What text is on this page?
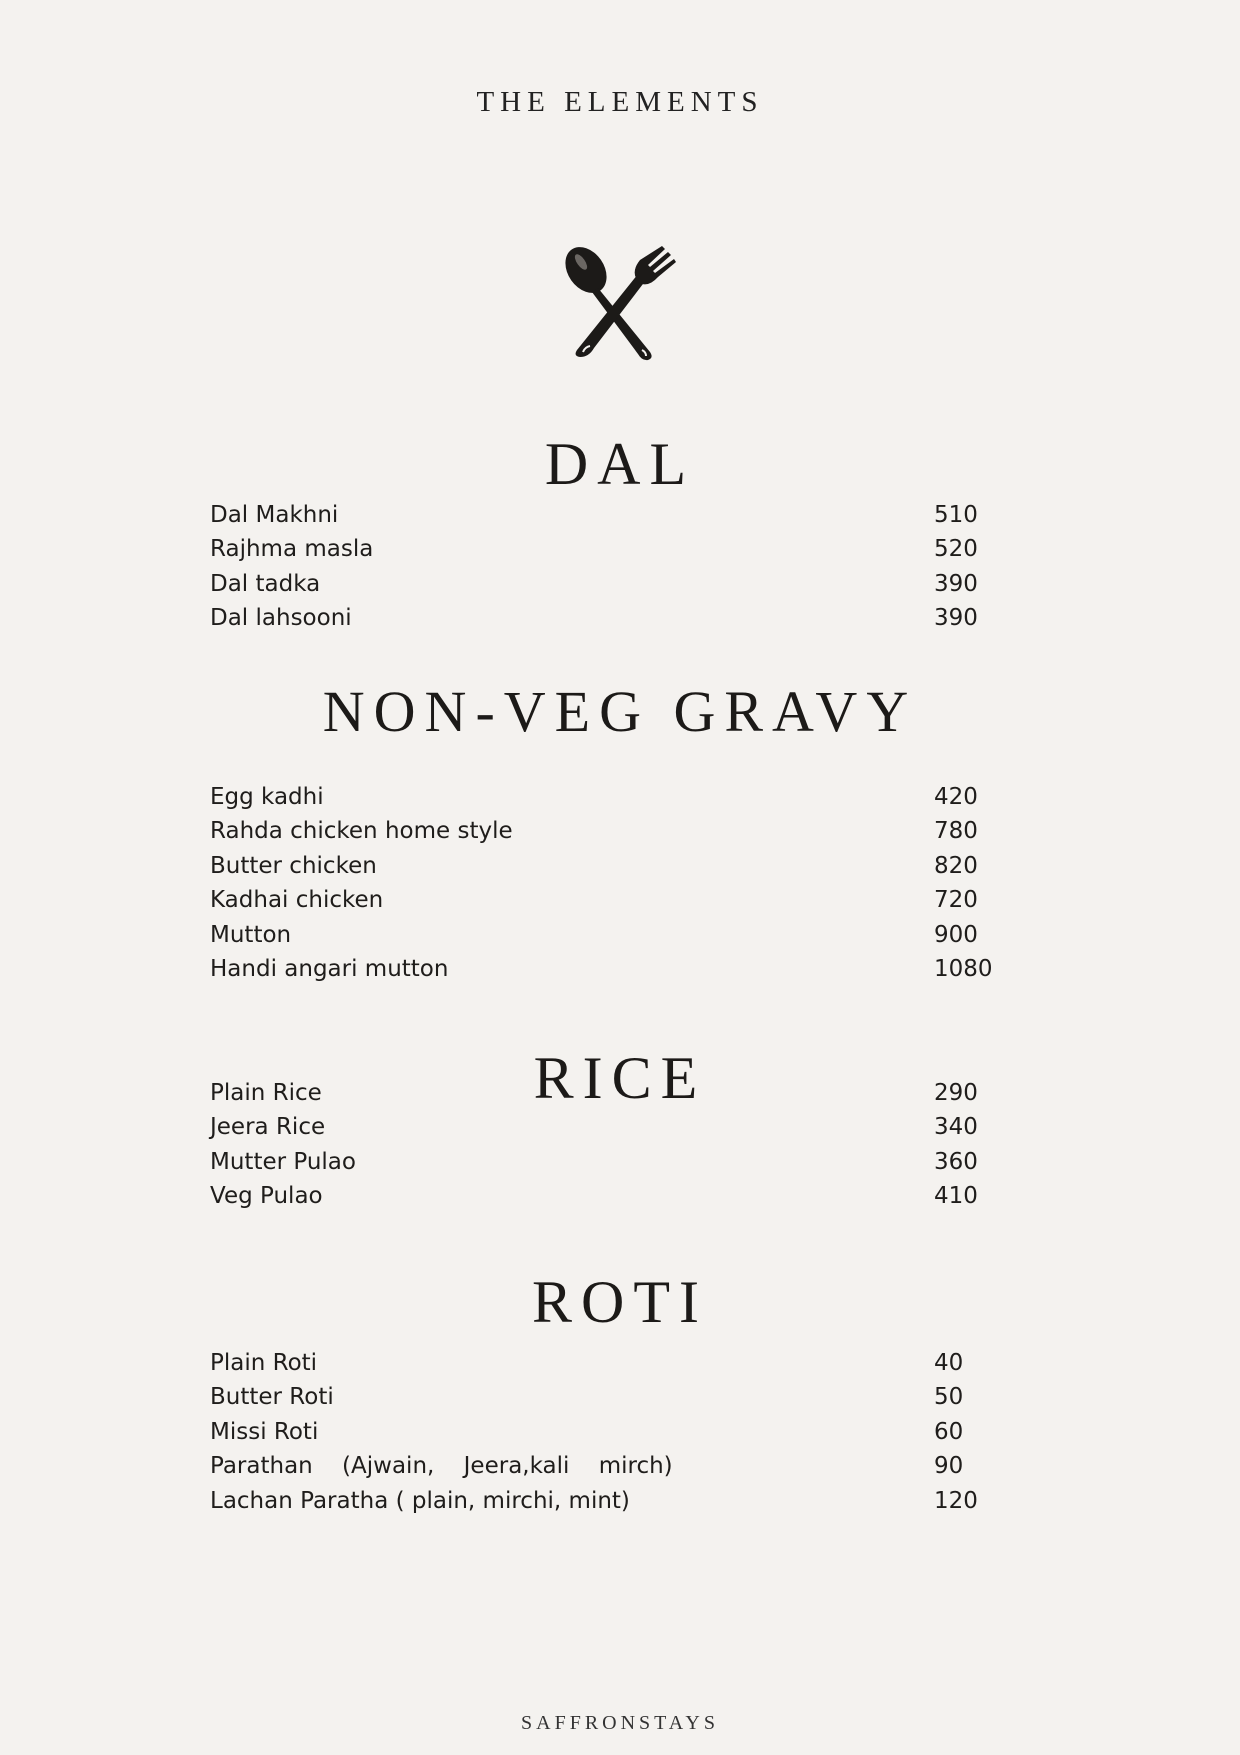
THE ELEMENTS
DAL
Dal Makhni	510
Rajhma masla	520
Dal tadka	390
Dal lahsooni	390
NON-VEG GRAVY
Egg kadhi	420
Rahda chicken home style	780
Butter chicken	820
Kadhai chicken	720
Mutton	900
Handi angari mutton	1080
RICE
Plain Rice	290
Jeera Rice	340
Mutter Pulao	360
Veg Pulao	410
ROTI
Plain Roti	40
Butter Roti	50
Missi Roti	60
Parathan (Ajwain, Jeera,kali mirch)	90
Lachan Paratha ( plain, mirchi, mint)	120
SAFFRONSTAYS
